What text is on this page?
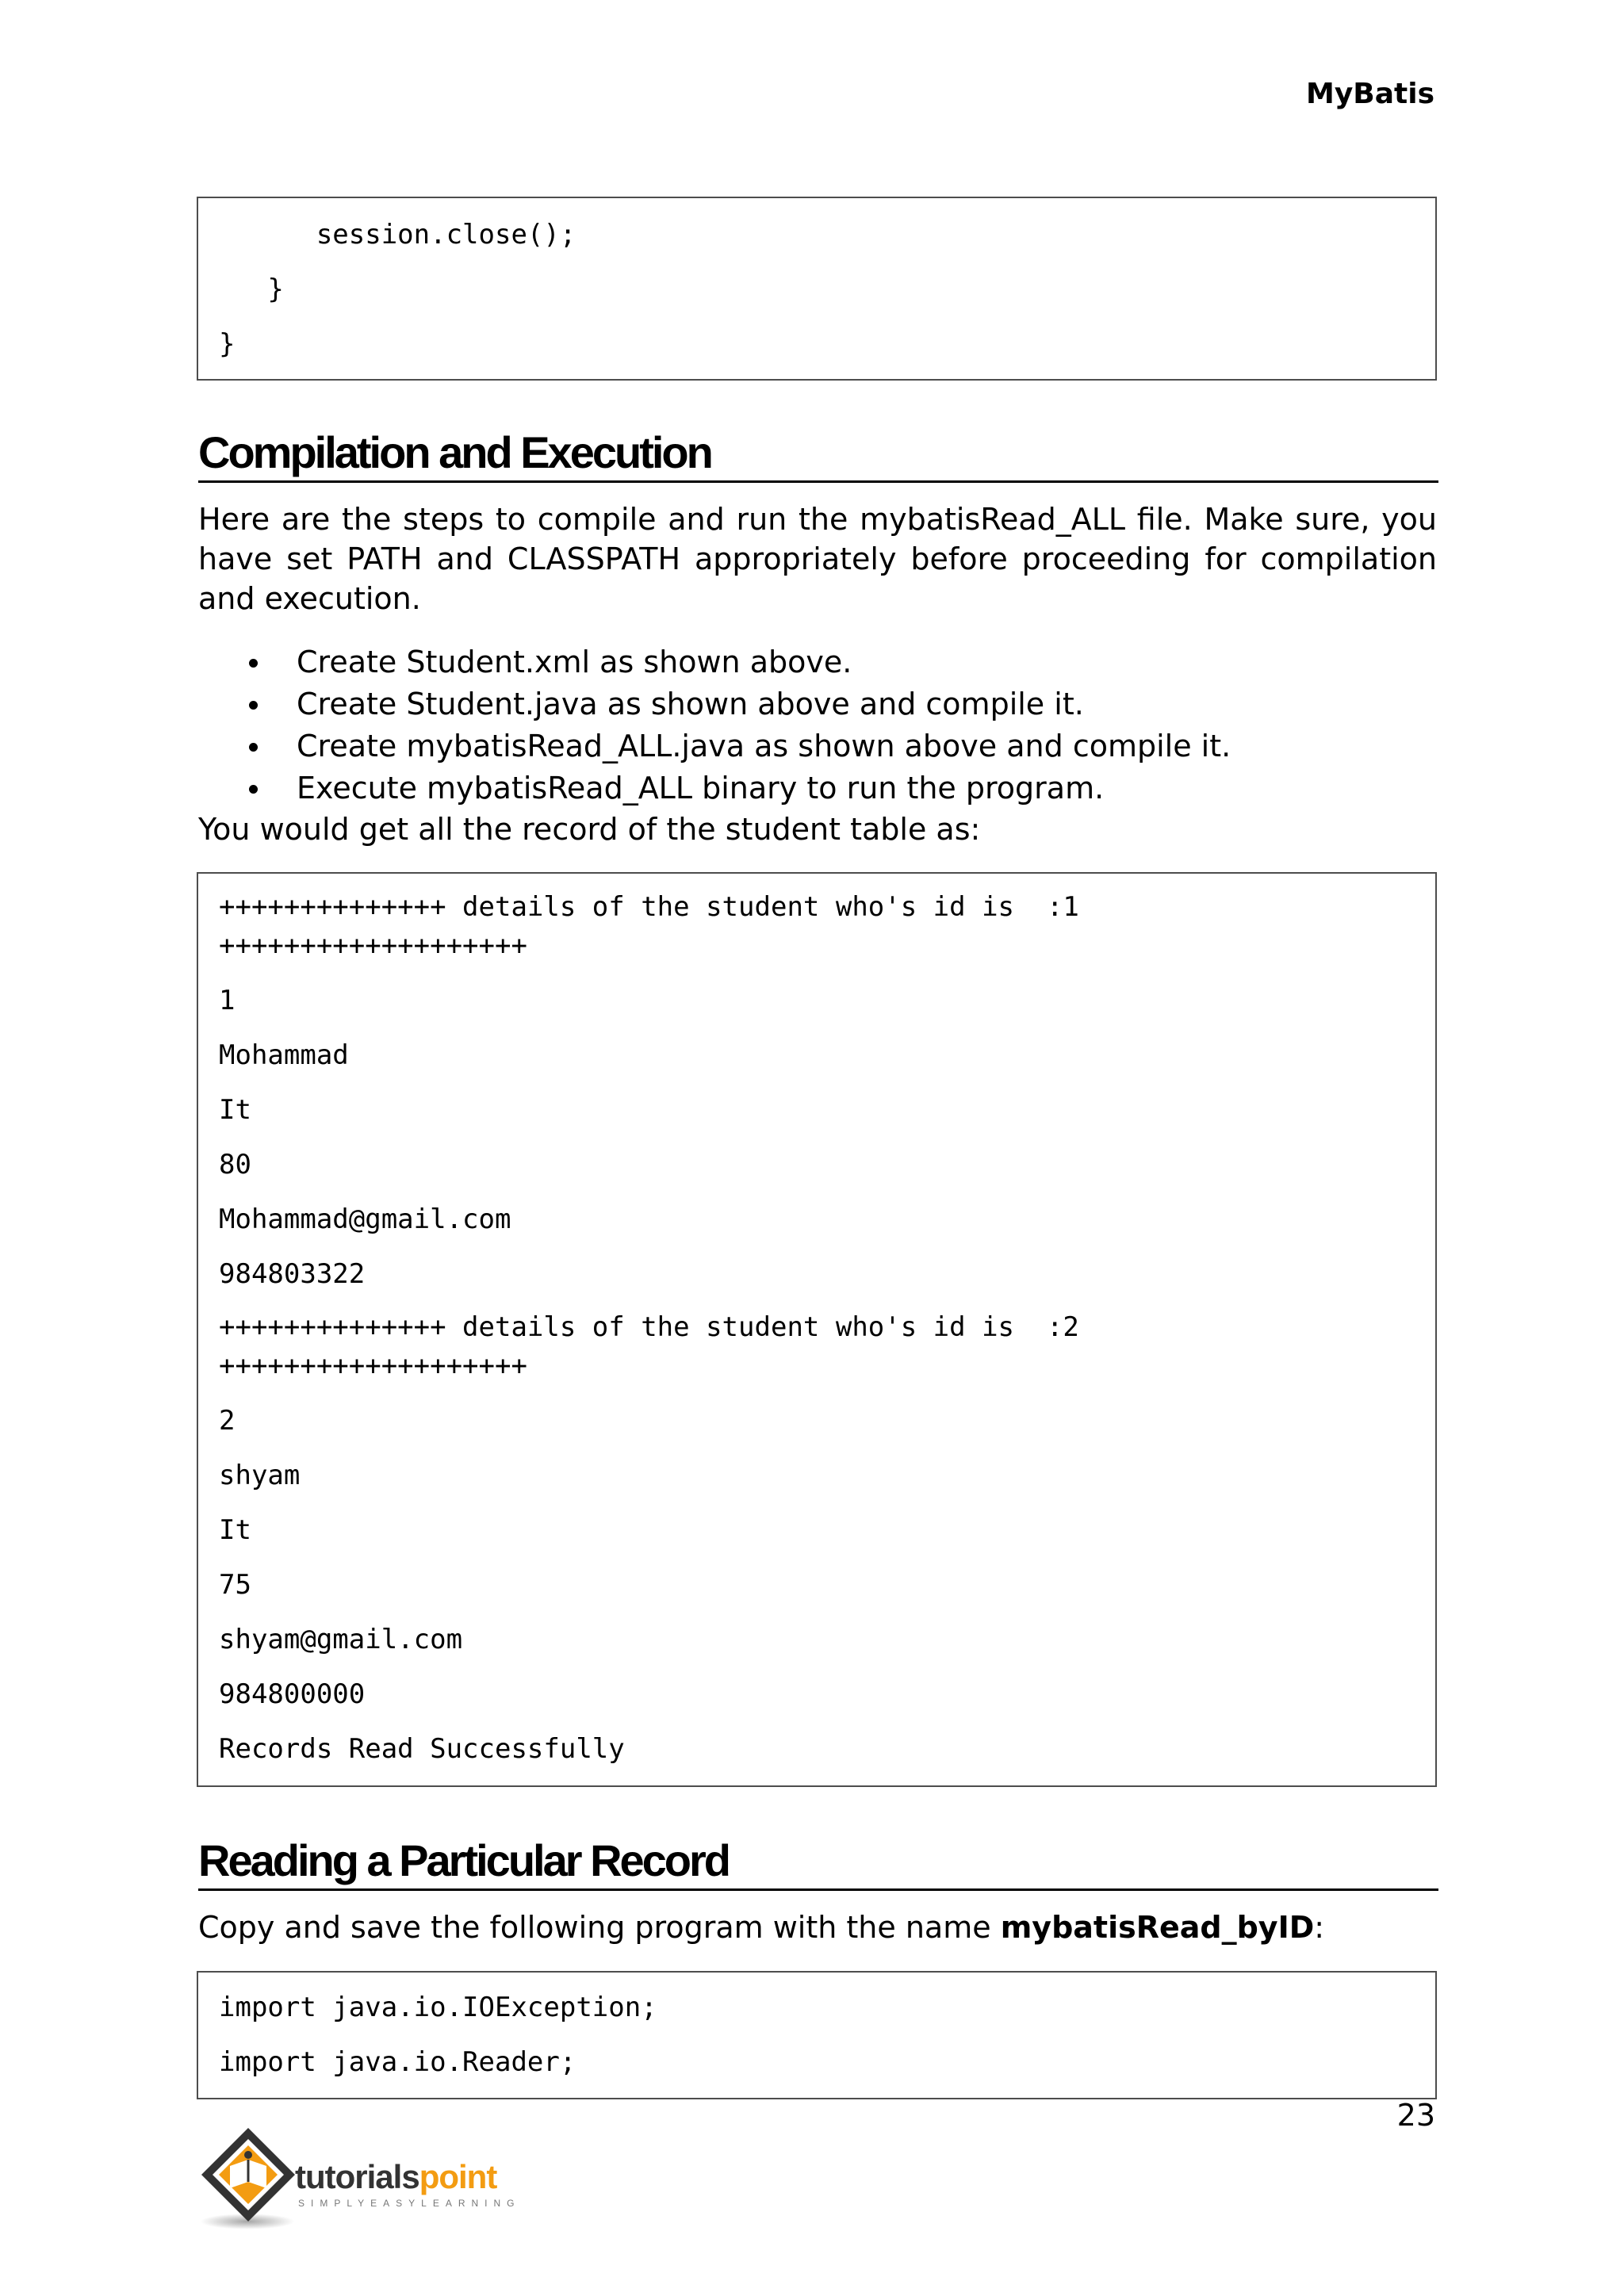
MyBatis
session.close();
}
}
Compilation and Execution
Here are the steps to compile and run the mybatisRead_ALL file. Make sure, you have set PATH and CLASSPATH appropriately before proceeding for compilation and execution.
Create Student.xml as shown above.
Create Student.java as shown above and compile it.
Create mybatisRead_ALL.java as shown above and compile it.
Execute mybatisRead_ALL binary to run the program.
You would get all the record of the student table as:
++++++++++++++ details of the student who's id is  :1
+++++++++++++++++++
1
Mohammad
It
80
Mohammad@gmail.com
984803322
++++++++++++++ details of the student who's id is  :2
+++++++++++++++++++
2
shyam
It
75
shyam@gmail.com
984800000
Records Read Successfully
Reading a Particular Record
Copy and save the following program with the name mybatisRead_byID:
import java.io.IOException;
import java.io.Reader;
23
tutorialspoint
SIMPLYEASYLEARNING
